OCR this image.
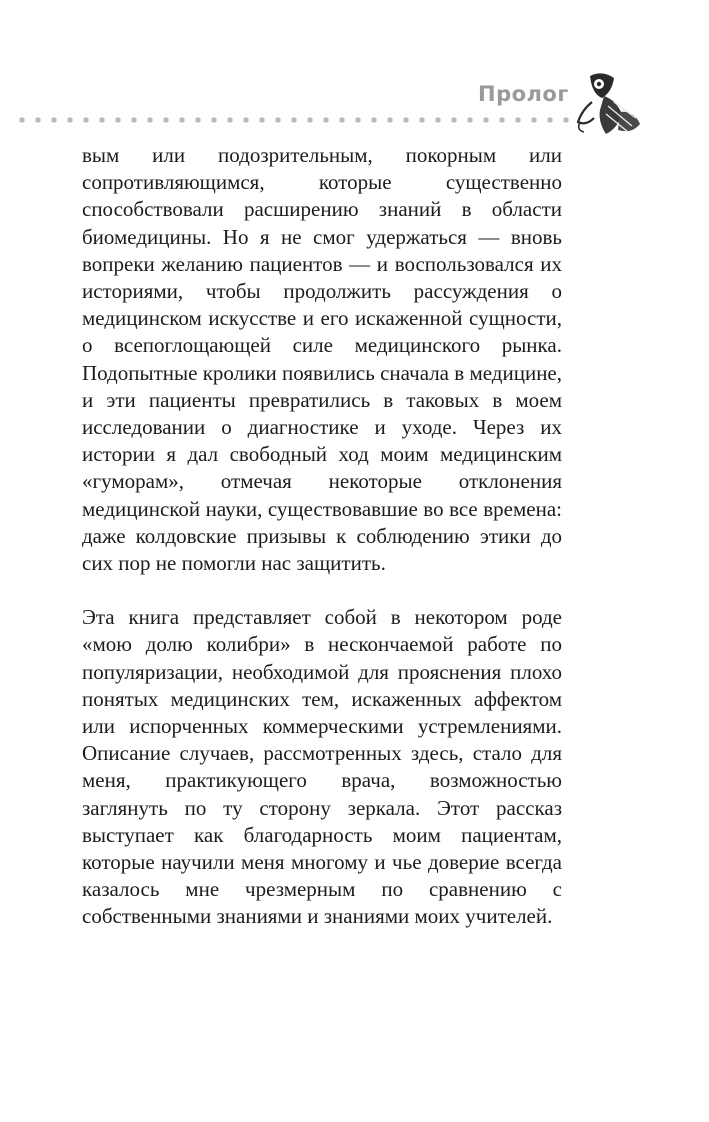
Пролог

вым или подозрительным, покорным или сопротивляющимся, которые существенно способствовали расширению знаний в области биомедицины. Но я не смог удержаться — вновь вопреки желанию пациентов — и воспользовался их историями, чтобы продолжить рассуждения о медицинском искусстве и его искаженной сущности, о всепоглощающей силе медицинского рынка. Подопытные кролики появились сначала в медицине, и эти пациенты превратились в таковых в моем исследовании о диагностике и уходе. Через их истории я дал свободный ход моим медицинским «гуморам», отмечая некоторые отклонения медицинской науки, существовавшие во все времена: даже колдовские призывы к соблюдению этики до сих пор не помогли нас защитить.

Эта книга представляет собой в некотором роде «мою долю колибри» в нескончаемой работе по популяризации, необходимой для прояснения плохо понятых медицинских тем, искаженных аффектом или испорченных коммерческими устремлениями. Описание случаев, рассмотренных здесь, стало для меня, практикующего врача, возможностью заглянуть по ту сторону зеркала. Этот рассказ выступает как благодарность моим пациентам, которые научили меня многому и чье доверие всегда казалось мне чрезмерным по сравнению с собственными знаниями и знаниями моих учителей.
